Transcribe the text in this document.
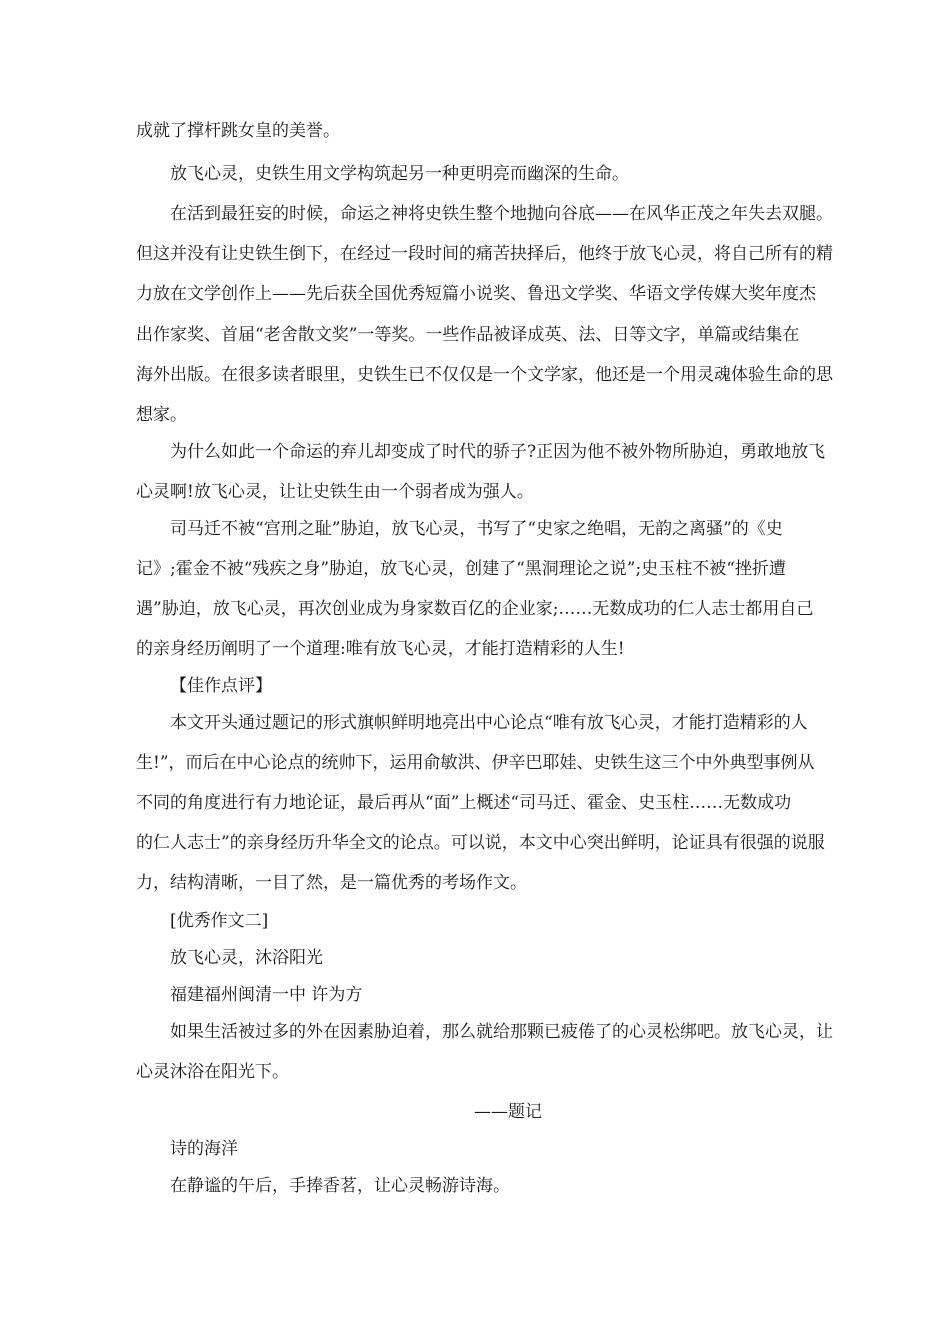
成就了撑杆跳女皇的美誉。
放飞心灵，史铁生用文学构筑起另一种更明亮而幽深的生命。
在活到最狂妄的时候，命运之神将史铁生整个地抛向谷底——在风华正茂之年失去双腿。
但这并没有让史铁生倒下，在经过一段时间的痛苦抉择后，他终于放飞心灵，将自己所有的精
力放在文学创作上——先后获全国优秀短篇小说奖、鲁迅文学奖、华语文学传媒大奖年度杰
出作家奖、首届“老舍散文奖”一等奖。一些作品被译成英、法、日等文字，单篇或结集在
海外出版。在很多读者眼里，史铁生已不仅仅是一个文学家，他还是一个用灵魂体验生命的思
想家。
为什么如此一个命运的弃儿却变成了时代的骄子?正因为他不被外物所胁迫，勇敢地放飞
心灵啊!放飞心灵，让让史铁生由一个弱者成为强人。
司马迁不被“宫刑之耻”胁迫，放飞心灵，书写了“史家之绝唱，无韵之离骚”的《史
记》;霍金不被“残疾之身”胁迫，放飞心灵，创建了“黑洞理论之说”;史玉柱不被“挫折遭
遇”胁迫，放飞心灵，再次创业成为身家数百亿的企业家;……无数成功的仁人志士都用自己
的亲身经历阐明了一个道理:唯有放飞心灵，才能打造精彩的人生!
【佳作点评】
本文开头通过题记的形式旗帜鲜明地亮出中心论点“唯有放飞心灵，才能打造精彩的人
生!”，而后在中心论点的统帅下，运用俞敏洪、伊辛巴耶娃、史铁生这三个中外典型事例从
不同的角度进行有力地论证，最后再从“面”上概述“司马迁、霍金、史玉柱……无数成功
的仁人志士”的亲身经历升华全文的论点。可以说，本文中心突出鲜明，论证具有很强的说服
力，结构清晰，一目了然，是一篇优秀的考场作文。
[优秀作文二]
放飞心灵，沐浴阳光
福建福州闽清一中 许为方
如果生活被过多的外在因素胁迫着，那么就给那颗已疲倦了的心灵松绑吧。放飞心灵，让
心灵沐浴在阳光下。
——题记
诗的海洋
在静谧的午后，手捧香茗，让心灵畅游诗海。
